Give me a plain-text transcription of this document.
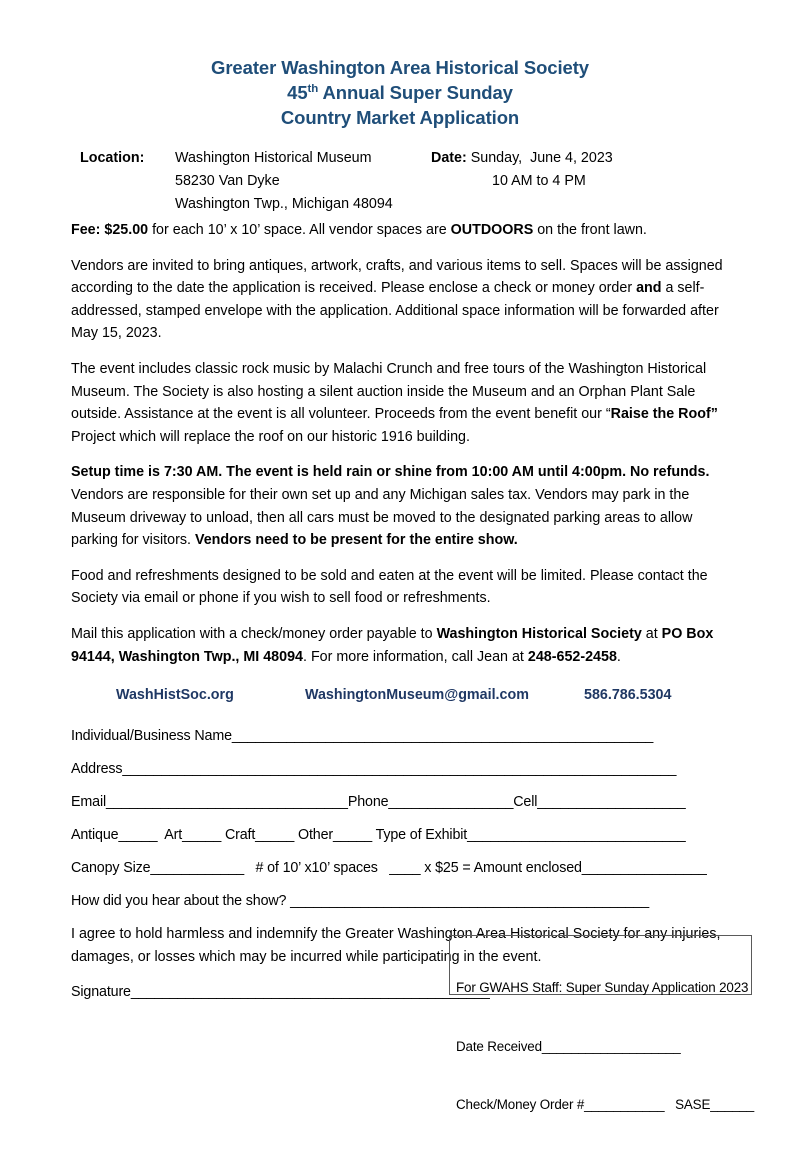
Greater Washington Area Historical Society
45th Annual Super Sunday
Country Market Application
Location: Washington Historical Museum
58230 Van Dyke
Washington Twp., Michigan 48094
Date: Sunday,  June 4, 2023
10 AM to 4 PM

Fee: $25.00 for each 10’ x 10’ space. All vendor spaces are OUTDOORS on the front lawn.

Vendors are invited to bring antiques, artwork, crafts, and various items to sell. Spaces will be assigned according to the date the application is received. Please enclose a check or money order and a self-addressed, stamped envelope with the application. Additional space information will be forwarded after May 15, 2023.

The event includes classic rock music by Malachi Crunch and free tours of the Washington Historical Museum. The Society is also hosting a silent auction inside the Museum and an Orphan Plant Sale outside. Assistance at the event is all volunteer. Proceeds from the event benefit our “Raise the Roof” Project which will replace the roof on our historic 1916 building.

Setup time is 7:30 AM. The event is held rain or shine from 10:00 AM until 4:00pm. No refunds. Vendors are responsible for their own set up and any Michigan sales tax. Vendors may park in the Museum driveway to unload, then all cars must be moved to the designated parking areas to allow parking for visitors. Vendors need to be present for the entire show.

Food and refreshments designed to be sold and eaten at the event will be limited. Please contact the Society via email or phone if you wish to sell food or refreshments.

Mail this application with a check/money order payable to Washington Historical Society at PO Box 94144, Washington Twp., MI 48094. For more information, call Jean at 248-652-2458.

WashHistSoc.org	WashingtonMuseum@gmail.com	586.786.5304
Individual/Business Name______________________________________________________
Address_______________________________________________________________________
Email_______________________________Phone________________Cell___________________
Antique_____  Art_____ Craft_____ Other_____ Type of Exhibit____________________________
Canopy Size____________   # of 10’ x10’ spaces   ____ x $25 = Amount enclosed________________
How did you hear about the show? ______________________________________________

I agree to hold harmless and indemnify the Greater Washington Area Historical Society for any injuries, damages, or losses which may be incurred while participating in the event.

Signature______________________________________________

For GWAHS Staff: Super Sunday Application 2023

Date Received___________________

Check/Money Order #___________   SASE______
